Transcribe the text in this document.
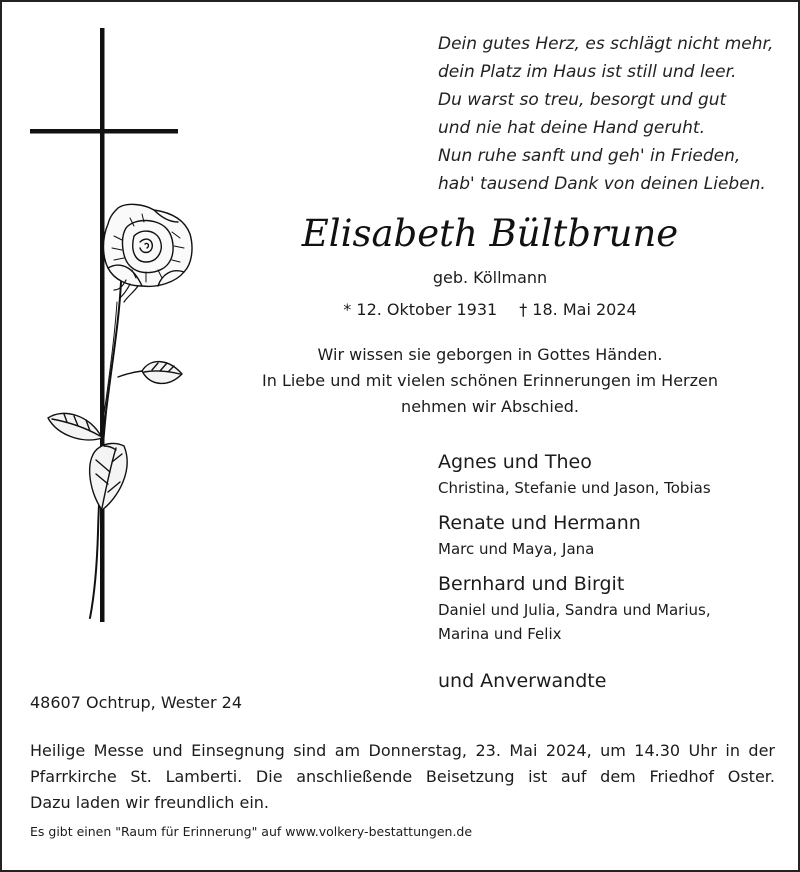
Dein gutes Herz, es schlägt nicht mehr,
dein Platz im Haus ist still und leer.
Du warst so treu, besorgt und gut
und nie hat deine Hand geruht.
Nun ruhe sanft und geh' in Frieden,
hab' tausend Dank von deinen Lieben.
Elisabeth Bültbrune
geb. Köllmann
* 12. Oktober 1931 † 18. Mai 2024
Wir wissen sie geborgen in Gottes Händen.
In Liebe und mit vielen schönen Erinnerungen im Herzen
nehmen wir Abschied.
Agnes und Theo
Christina, Stefanie und Jason, Tobias
Renate und Hermann
Marc und Maya, Jana
Bernhard und Birgit
Daniel und Julia, Sandra und Marius,
Marina und Felix
und Anverwandte
48607 Ochtrup, Wester 24
Heilige Messe und Einsegnung sind am Donnerstag, 23. Mai 2024, um 14.30 Uhr in der
Pfarrkirche St. Lamberti. Die anschließende Beisetzung ist auf dem Friedhof Oster.
Dazu laden wir freundlich ein.
Es gibt einen "Raum für Erinnerung" auf www.volkery-bestattungen.de
